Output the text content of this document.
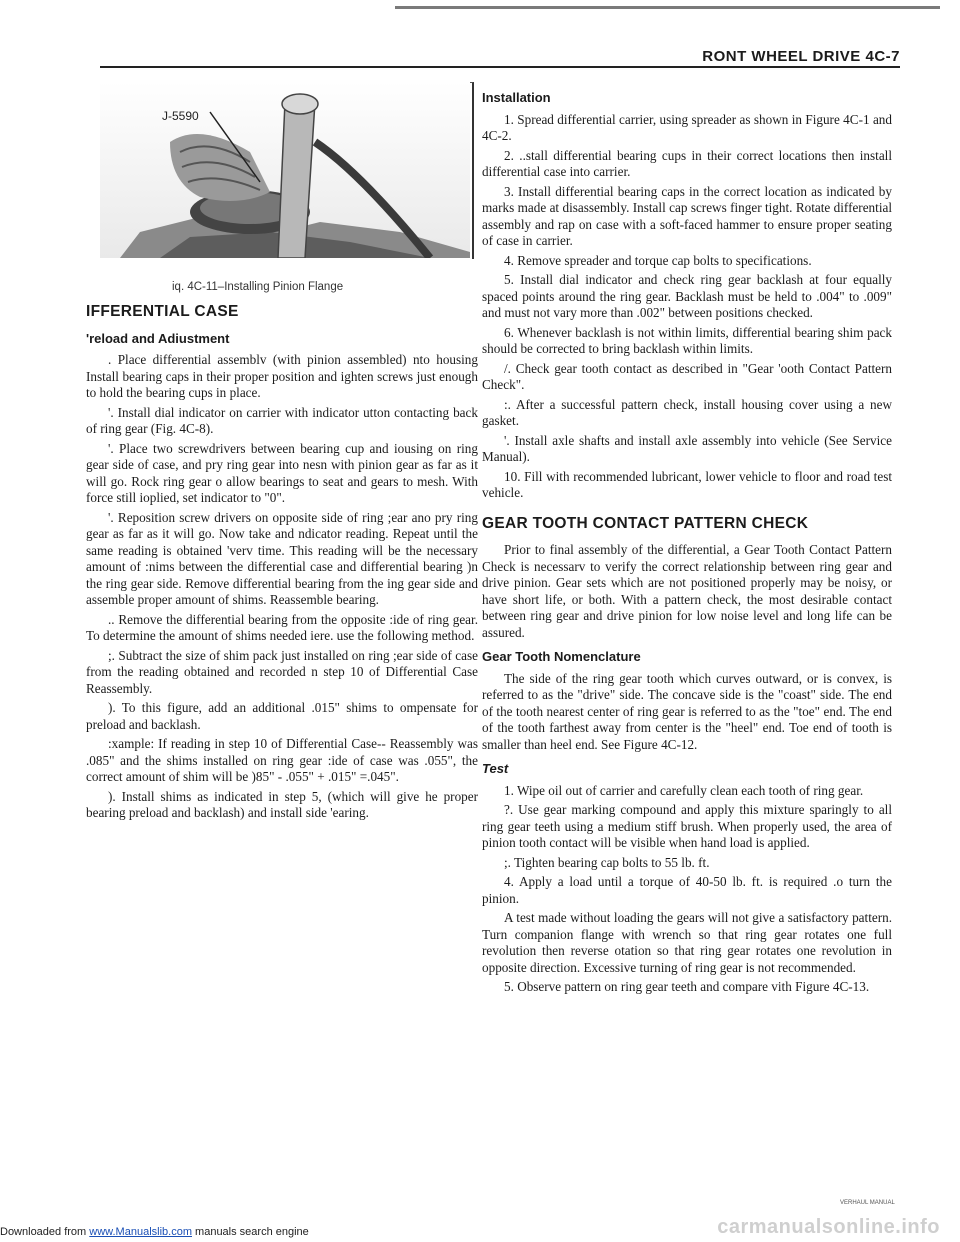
RONT WHEEL DRIVE 4C-7
J-5590
iq. 4C-11–Installing Pinion Flange
IFFERENTIAL CASE
'reload and Adiustment

. Place differential assemblv (with pinion assembled) nto housing Install bearing caps in their proper position and ighten screws just enough to hold the bearing cups in place.

'. Install dial indicator on carrier with indicator utton contacting back of ring gear (Fig. 4C-8).

'. Place two screwdrivers between bearing cup and iousing on ring gear side of case, and pry ring gear into nesn with pinion gear as far as it will go. Rock ring gear o allow bearings to seat and gears to mesh. With force still ioplied, set indicator to "0".

'. Reposition screw drivers on opposite side of ring ;ear ano pry ring gear as far as it will go. Now take and ndicator reading. Repeat until the same reading is obtained 'verv time. This reading will be the necessary amount of :nims between the differential case and differential bearing )n the ring gear side. Remove differential bearing from the ing gear side and assemble proper amount of shims. Reassemble bearing.

.. Remove the differential bearing from the opposite :ide of ring gear. To determine the amount of shims needed iere. use the following method.

;. Subtract the size of shim pack just installed on ring ;ear side of case from the reading obtained and recorded n step 10 of Differential Case Reassembly.

). To this figure, add an additional .015" shims to ompensate for preload and backlash.

:xample: If reading in step 10 of Differential Case-- Reassembly was .085" and the shims installed on ring gear :ide of case was .055", the correct amount of shim will be )85" - .055" + .015" =.045".

). Install shims as indicated in step 5, (which will give he proper bearing preload and backlash) and install side 'earing.

Installation

1. Spread differential carrier, using spreader as shown in Figure 4C-1 and 4C-2.

2. ..stall differential bearing cups in their correct locations then install differential case into carrier.

3. Install differential bearing caps in the correct location as indicated by marks made at disassembly. Install cap screws finger tight. Rotate differential assembly and rap on case with a soft-faced hammer to ensure proper seating of case in carrier.

4. Remove spreader and torque cap bolts to specifications.

5. Install dial indicator and check ring gear backlash at four equally spaced points around the ring gear. Backlash must be held to .004" to .009" and must not vary more than .002" between positions checked.

6. Whenever backlash is not within limits, differential bearing shim pack should be corrected to bring backlash within limits.

/. Check gear tooth contact as described in "Gear 'ooth Contact Pattern Check".

:. After a successful pattern check, install housing cover using a new gasket.

'. Install axle shafts and install axle assembly into vehicle (See Service Manual).

10. Fill with recommended lubricant, lower vehicle to floor and road test vehicle.

GEAR TOOTH CONTACT PATTERN CHECK

Prior to final assembly of the differential, a Gear Tooth Contact Pattern Check is necessarv to verify the correct relationship between ring gear and drive pinion. Gear sets which are not positioned properly may be noisy, or have short life, or both. With a pattern check, the most desirable contact between ring gear and drive pinion for low noise level and long life can be assured.

Gear Tooth Nomenclature

The side of the ring gear tooth which curves outward, or is convex, is referred to as the "drive" side. The concave side is the "coast" side. The end of the tooth nearest center of ring gear is referred to as the "toe" end. The end of the tooth farthest away from center is the "heel" end. Toe end of tooth is smaller than heel end. See Figure 4C-12.

Test

1. Wipe oil out of carrier and carefully clean each tooth of ring gear.

?. Use gear marking compound and apply this mixture sparingly to all ring gear teeth using a medium stiff brush. When properly used, the area of pinion tooth contact will be visible when hand load is applied.

;. Tighten bearing cap bolts to 55 lb. ft.

4. Apply a load until a torque of 40-50 lb. ft. is required .o turn the pinion.

A test made without loading the gears will not give a satisfactory pattern. Turn companion flange with wrench so that ring gear rotates one full revolution then reverse otation so that ring gear rotates one revolution in opposite direction. Excessive turning of ring gear is not recommended.

5. Observe pattern on ring gear teeth and compare vith Figure 4C-13.

VERHAUL MANUAL
Downloaded from www.Manualslib.com manuals search engine	carmanualsonline.info
